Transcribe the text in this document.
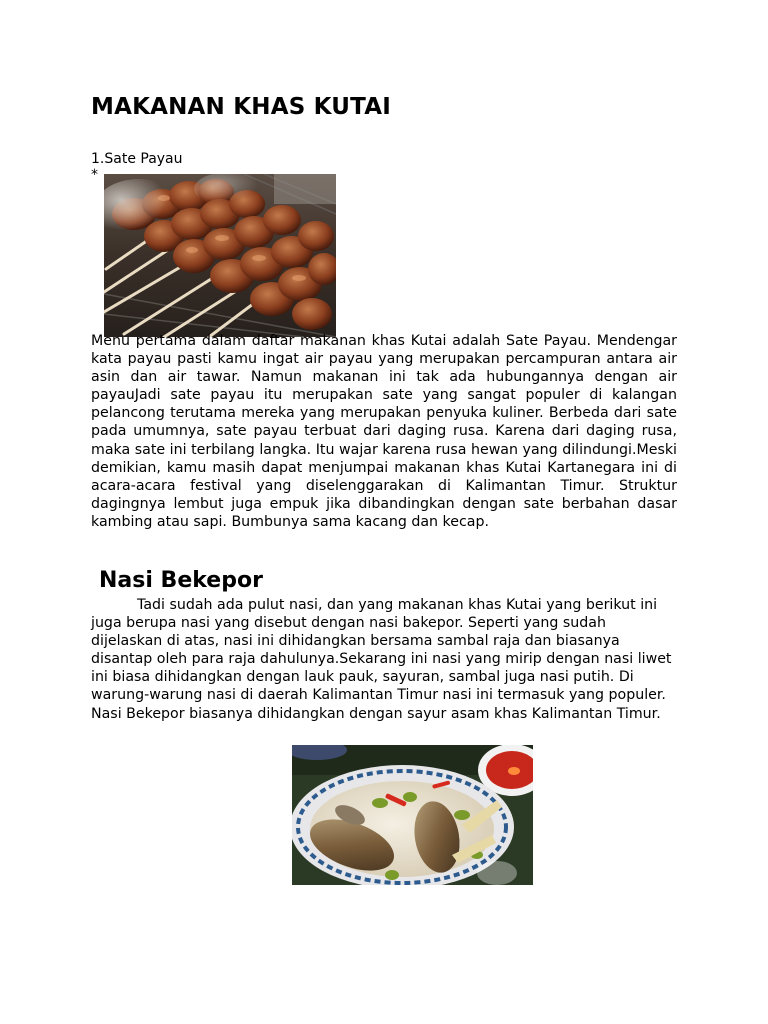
MAKANAN KHAS KUTAI
1.Sate Payau
*

Menu pertama dalam daftar makanan khas Kutai adalah Sate Payau. Mendengar kata payau pasti kamu ingat air payau yang merupakan percampuran antara air asin dan air tawar. Namun makanan ini tak ada hubungannya dengan air payauJadi sate payau itu merupakan sate yang sangat populer di kalangan pelancong terutama mereka yang merupakan penyuka kuliner. Berbeda dari sate pada umumnya, sate payau terbuat dari daging rusa. Karena dari daging rusa, maka sate ini terbilang langka. Itu wajar karena rusa hewan yang dilindungi.Meski demikian, kamu masih dapat menjumpai makanan khas Kutai Kartanegara ini di acara-acara festival yang diselenggarakan di Kalimantan Timur. Struktur dagingnya lembut juga empuk jika dibandingkan dengan sate berbahan dasar kambing atau sapi. Bumbunya sama kacang dan kecap.

Nasi Bekepor

Tadi sudah ada pulut nasi, dan yang makanan khas Kutai yang berikut ini juga berupa nasi yang disebut dengan nasi bakepor. Seperti yang sudah dijelaskan di atas, nasi ini dihidangkan bersama sambal raja dan biasanya disantap oleh para raja dahulunya.Sekarang ini nasi yang mirip dengan nasi liwet ini biasa dihidangkan dengan lauk pauk, sayuran, sambal juga nasi putih. Di warung-warung nasi di daerah Kalimantan Timur nasi ini termasuk yang populer. Nasi Bekepor biasanya dihidangkan dengan sayur asam khas Kalimantan Timur.
